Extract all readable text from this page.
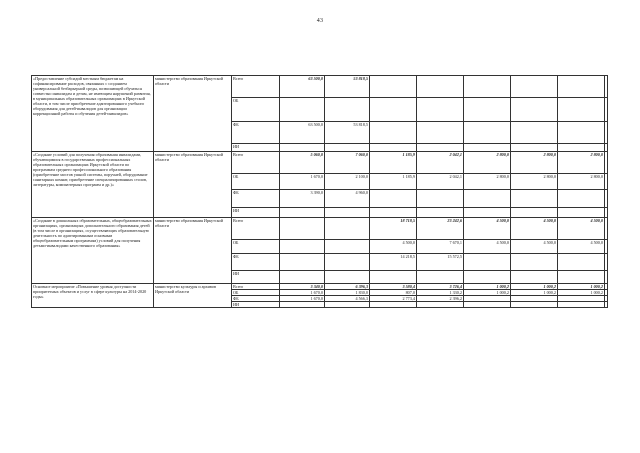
43
«Предоставление субсидий местным бюджетам на софинансирование расходов, связанных с созданием универсальной безбарьерной среды, позволяющей обучаться совместно инвалидам и детям, не имеющим нарушений развития, в муниципальных образовательных организациях в Иркутской области, в том числе приобретение адаптированного учебного оборудования для детей-инвалидов для организации коррекционной работы и обучения детей-инвалидов»	министерство образования Иркутской области	Всего	63 500,0	53 818,5						
		ОБ								
		ФБ	63 500,0	53 818,5						
		ИИ								
«Создание условий для получения образования инвалидами, обучающимися в государственных профессиональных образовательных организациях Иркутской области по программам среднего профессионального образования (приобретение мостов ушной системы, поручней, оборудование санитарных комнат, приобретение специализированных столов, литературы, компьютерных программ и др.)»	министерство образования Иркутской области	Всего	5 060,0	7 060,0	1 185,9	2 042,1	2 800,0	2 800,0	2 800,0	
		ОБ	1 670,0	2 100,0	1 185,9	2 042,1	2 800,0	2 800,0	2 800,0	
		ФБ	3 390,0	4 960,0						
		ИИ								
«Создание в дошкольных образовательных, общеобразовательных организациях, организациях дополнительного образования детей (в том числе в организациях, осуществляющих образовательную деятельность по адаптированным основным общеобразовательным программам) условий для получения детьми-инвалидами качественного образования»	министерство образования Иркутской области	Всего			18 718,5	23 242,6	4 500,0	4 500,0	4 500,0	
		ОБ			4 500,0	7 670,1	4 500,0	4 500,0	4 500,0	
		ФБ			14 218,5	15 572,5				
		ИИ								
Основное мероприятие «Повышение уровня доступности приоритетных объектов и услуг в сфере культуры на 2014-2020 годы»	министерство культуры и архивов Иркутской области	Всего	3 340,0	6 396,3	3 580,4	3 726,4	1 000,2	1 000,2	1 000,2	
		ОБ	1 670,0	1 830,0	807,0	1 330,2	1 000,2	1 000,2	1 000,2	
		ФБ	1 670,0	4 566,3	2 773,4	2 396,2				
		ИИ								
